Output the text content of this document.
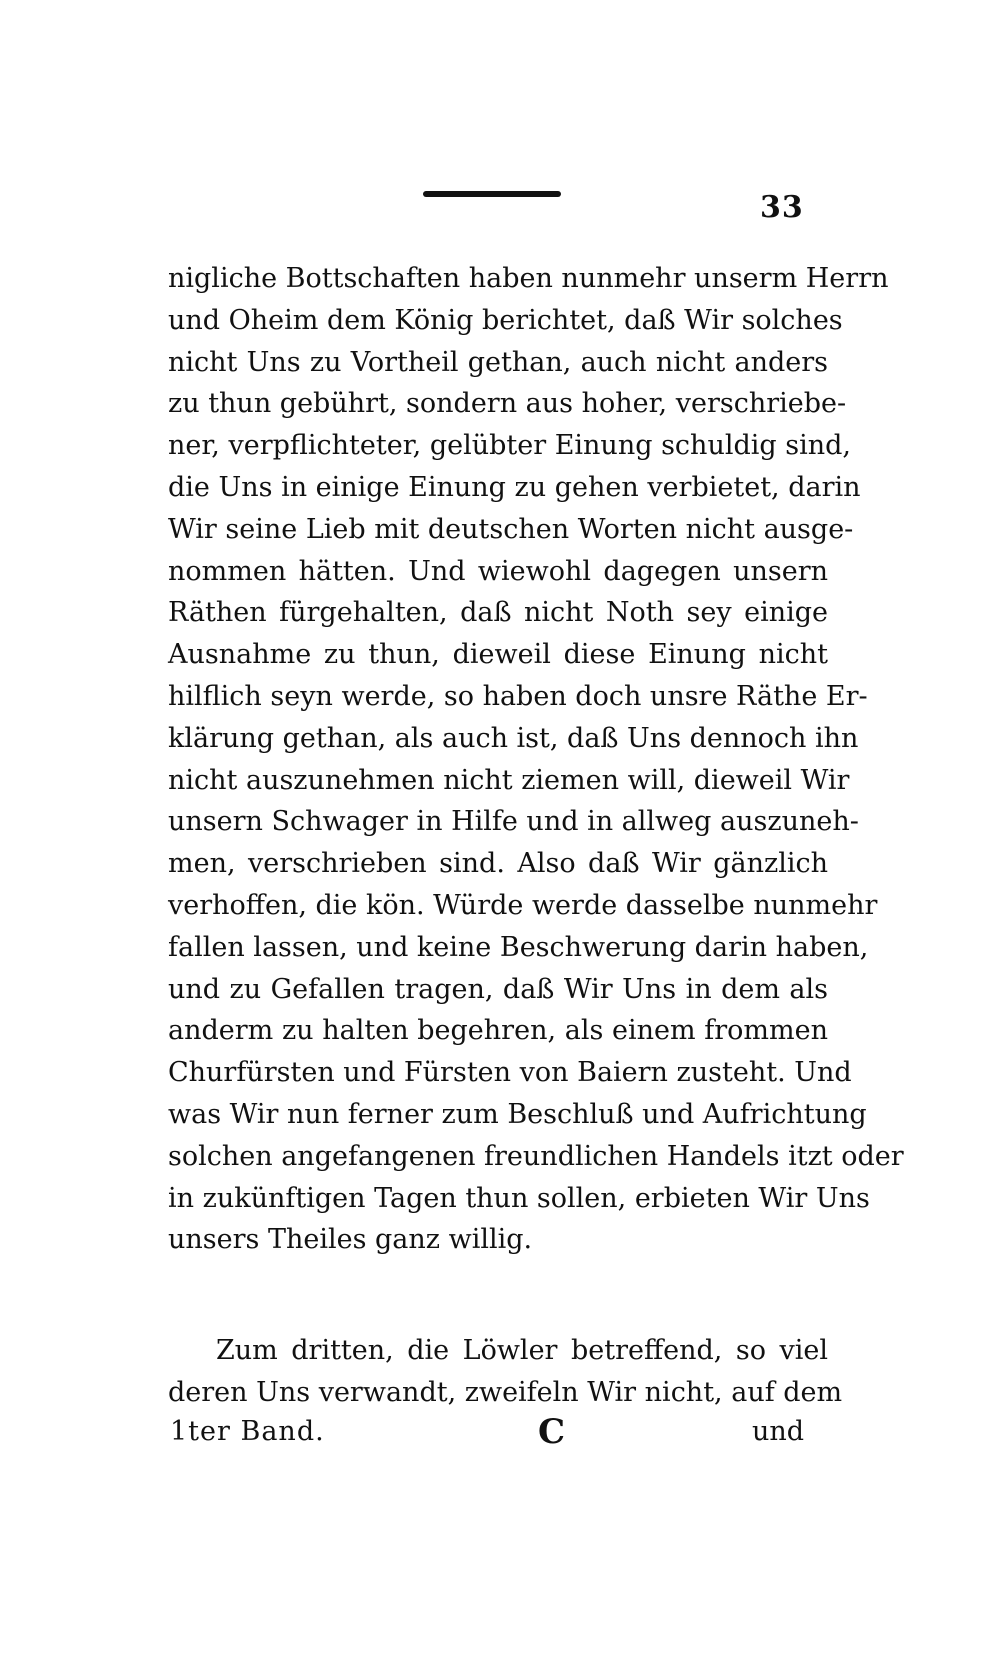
33
nigliche Bottschaften haben nunmehr unserm Herrn
und Oheim dem König berichtet, daß Wir solches
nicht Uns zu Vortheil gethan, auch nicht anders
zu thun gebührt, sondern aus hoher, verschriebe-
ner, verpflichteter, gelübter Einung schuldig sind,
die Uns in einige Einung zu gehen verbietet, darin
Wir seine Lieb mit deutschen Worten nicht ausge-
nommen hätten. Und wiewohl dagegen unsern
Räthen fürgehalten, daß nicht Noth sey einige
Ausnahme zu thun, dieweil diese Einung nicht
hilflich seyn werde, so haben doch unsre Räthe Er-
klärung gethan, als auch ist, daß Uns dennoch ihn
nicht auszunehmen nicht ziemen will, dieweil Wir
unsern Schwager in Hilfe und in allweg auszuneh-
men, verschrieben sind. Also daß Wir gänzlich
verhoffen, die kön. Würde werde dasselbe nunmehr
fallen lassen, und keine Beschwerung darin haben,
und zu Gefallen tragen, daß Wir Uns in dem als
anderm zu halten begehren, als einem frommen
Churfürsten und Fürsten von Baiern zusteht. Und
was Wir nun ferner zum Beschluß und Aufrichtung
solchen angefangenen freundlichen Handels itzt oder
in zukünftigen Tagen thun sollen, erbieten Wir Uns
unsers Theiles ganz willig.
Zum dritten, die Löwler betreffend, so viel
deren Uns verwandt, zweifeln Wir nicht, auf dem
1ter Band.	C	und
